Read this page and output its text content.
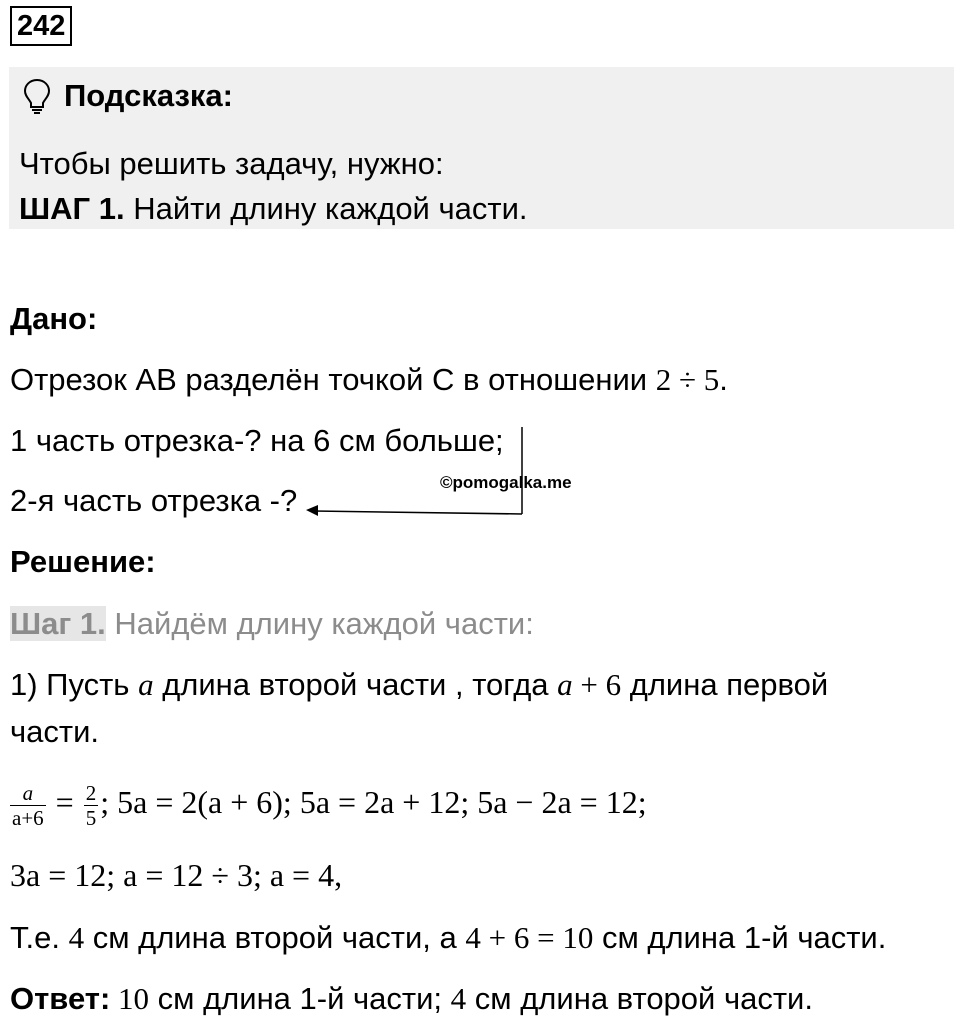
242
Подсказка:
Чтобы решить задачу, нужно:
ШАГ 1. Найти длину каждой части.
Дано:
Отрезок AB разделён точкой C в отношении 2 ÷ 5.
1 часть отрезка-? на 6 см больше;
2-я часть отрезка -?
©pomogalka.me
Решение:
Шаг 1. Найдём длину каждой части:
1) Пусть a длина второй части , тогда a + 6 длина первой
части.
$\frac{a}{a+6} = \frac{2}{5}$ ; 5a = 2(a + 6); 5a = 2a + 12; 5a − 2a = 12;
3a = 12; a = 12 ÷ 3; a = 4,
Т.е. 4 см длина второй части, а 4 + 6 = 10 см длина 1-й части.
Ответ: 10 см длина 1-й части; 4 см длина второй части.
